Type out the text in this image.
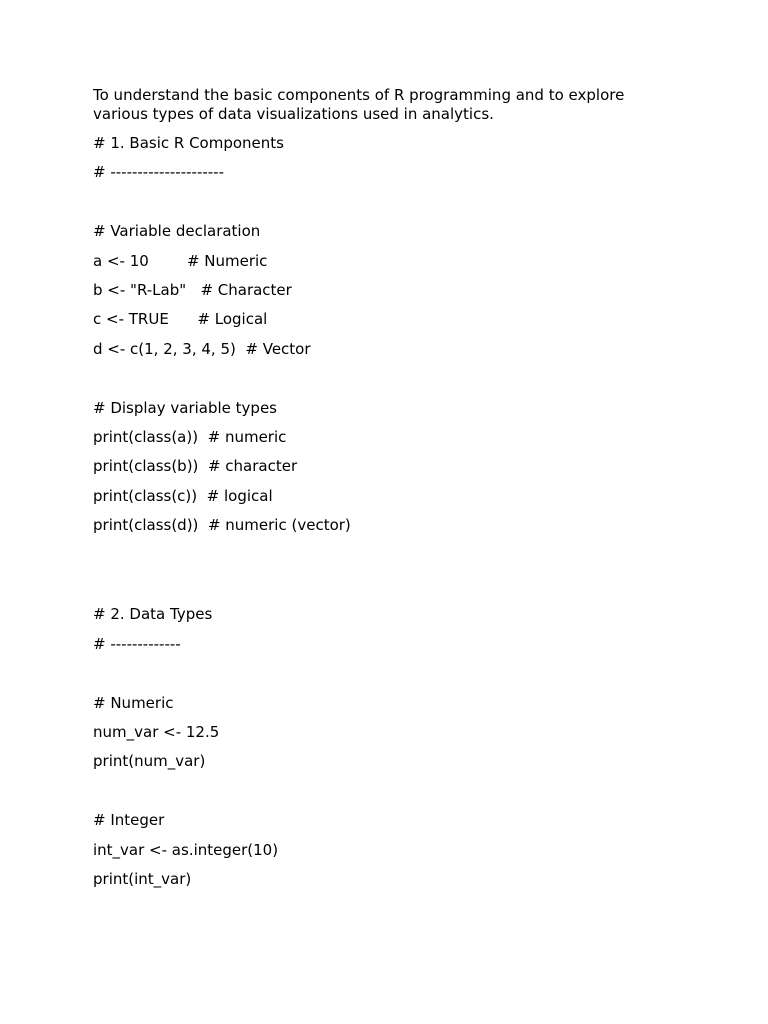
To understand the basic components of R programming and to explore various types of data visualizations used in analytics.

# 1. Basic R Components

# ---------------------

# Variable declaration

a <- 10        # Numeric

b <- "R-Lab"   # Character

c <- TRUE      # Logical

d <- c(1, 2, 3, 4, 5)  # Vector

# Display variable types

print(class(a))  # numeric

print(class(b))  # character

print(class(c))  # logical

print(class(d))  # numeric (vector)

# 2. Data Types

# -------------

# Numeric

num_var <- 12.5

print(num_var)

# Integer

int_var <- as.integer(10)

print(int_var)
